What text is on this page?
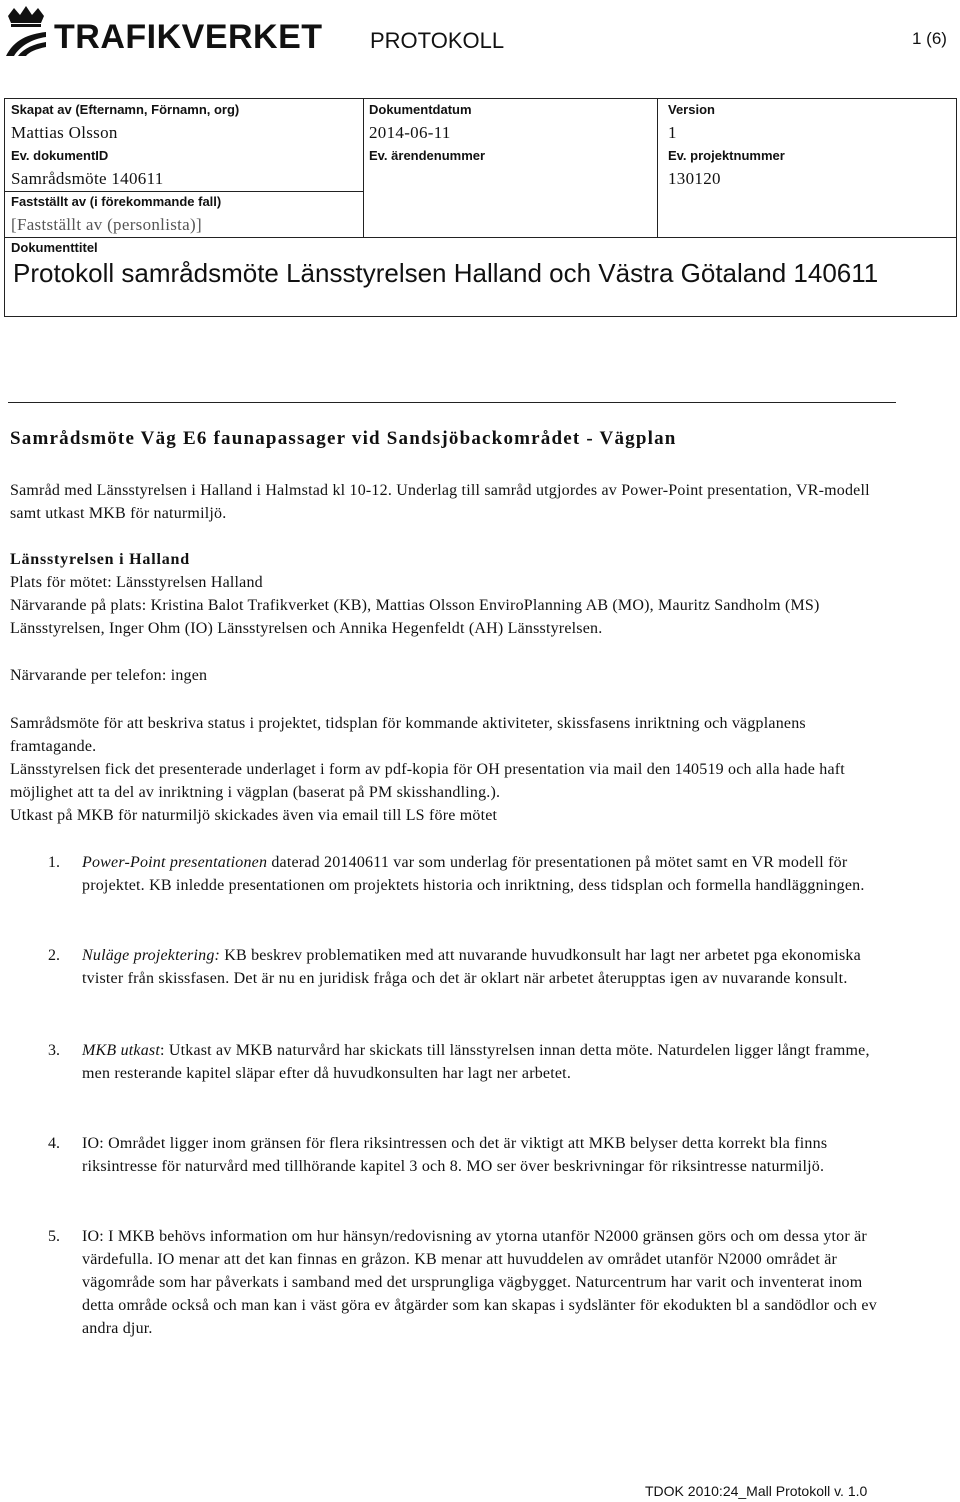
TRAFIKVERKET PROTOKOLL	1 (6)
Skapat av (Efternamn, Förnamn, org)
Mattias Olsson
Dokumentdatum
2014-06-11
Version
1
Ev. dokumentID
Samrådsmöte 140611
Ev. ärendenummer	Ev. projektnummer
130120
Fastställt av (i förekommande fall)
[Fastställt av (personlista)]
Dokumenttitel
Protokoll samrådsmöte Länsstyrelsen Halland och Västra Götaland 140611
Samrådsmöte Väg E6 faunapassager vid Sandsjöbackområdet - Vägplan
Samråd med Länsstyrelsen i Halland i Halmstad kl 10-12. Underlag till samråd utgjordes av Power-Point presentation, VR-modell samt utkast MKB för naturmiljö.
Länsstyrelsen i Halland
Plats för mötet: Länsstyrelsen Halland
Närvarande på plats: Kristina Balot Trafikverket (KB), Mattias Olsson EnviroPlanning AB (MO), Mauritz Sandholm (MS) Länsstyrelsen, Inger Ohm (IO) Länsstyrelsen och Annika Hegenfeldt (AH) Länsstyrelsen.
Närvarande per telefon: ingen
Samrådsmöte för att beskriva status i projektet, tidsplan för kommande aktiviteter, skissfasens inriktning och vägplanens framtagande.
Länsstyrelsen fick det presenterade underlaget i form av pdf-kopia för OH presentation via mail den 140519 och alla hade haft möjlighet att ta del av inriktning i vägplan (baserat på PM skisshandling.).
Utkast på MKB för naturmiljö skickades även via email till LS före mötet
1. Power-Point presentationen daterad 20140611 var som underlag för presentationen på mötet samt en VR modell för projektet. KB inledde presentationen om projektets historia och inriktning, dess tidsplan och formella handläggningen.
2. Nuläge projektering: KB beskrev problematiken med att nuvarande huvudkonsult har lagt ner arbetet pga ekonomiska tvister från skissfasen. Det är nu en juridisk fråga och det är oklart när arbetet återupptas igen av nuvarande konsult.
3. MKB utkast: Utkast av MKB naturvård har skickats till länsstyrelsen innan detta möte. Naturdelen ligger långt framme, men resterande kapitel släpar efter då huvudkonsulten har lagt ner arbetet.
4. IO: Området ligger inom gränsen för flera riksintressen och det är viktigt att MKB belyser detta korrekt bla finns riksintresse för naturvård med tillhörande kapitel 3 och 8. MO ser över beskrivningar för riksintresse naturmiljö.
5. IO: I MKB behövs information om hur hänsyn/redovisning av ytorna utanför N2000 gränsen görs och om dessa ytor är värdefulla. IO menar att det kan finnas en gråzon. KB menar att huvuddelen av området utanför N2000 området är vägområde som har påverkats i samband med det ursprungliga vägbygget. Naturcentrum har varit och inventerat inom detta område också och man kan i väst göra ev åtgärder som kan skapas i sydslänter för ekodukten bl a sandödlor och ev andra djur.
TDOK 2010:24_Mall Protokoll v. 1.0
